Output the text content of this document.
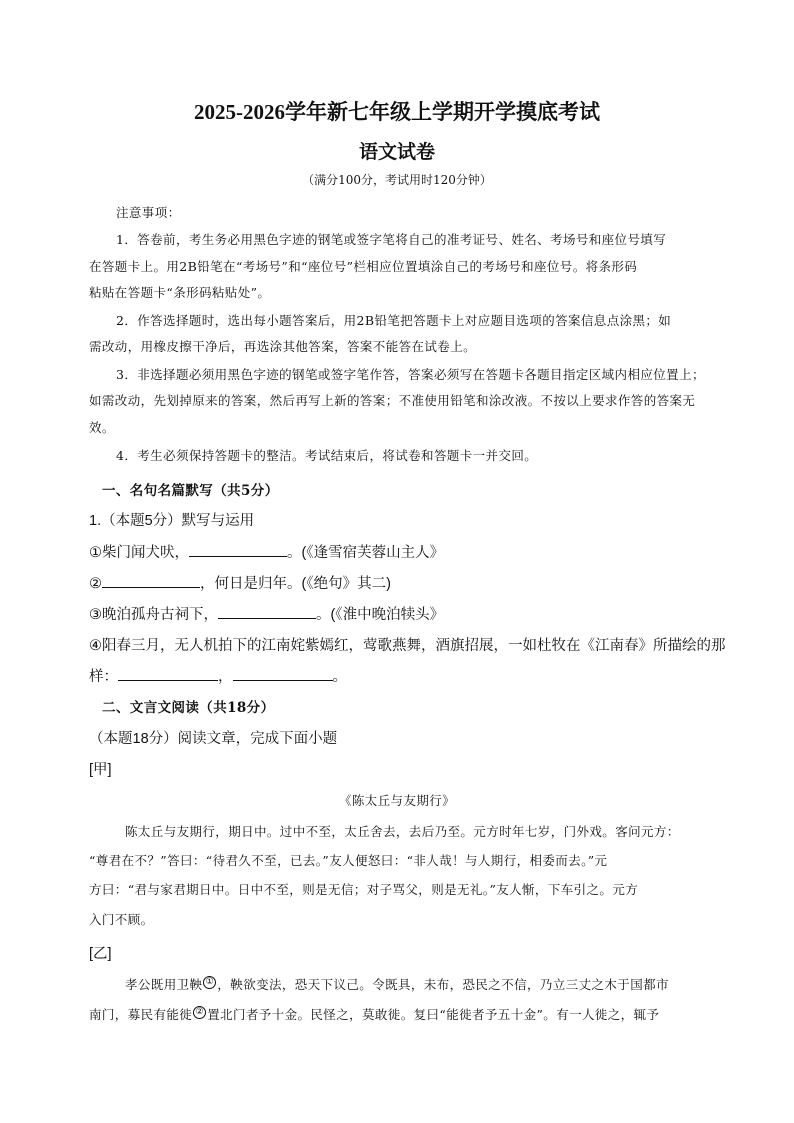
2025-2026学年新七年级上学期开学摸底考试
语文试卷
（满分100分，考试用时120分钟）
注意事项：
1．答卷前，考生务必用黑色字迹的钢笔或签字笔将自己的准考证号、姓名、考场号和座位号填写
在答题卡上。用2B铅笔在“考场号”和“座位号”栏相应位置填涂自己的考场号和座位号。将条形码
粘贴在答题卡“条形码粘贴处”。
2．作答选择题时，选出每小题答案后，用2B铅笔把答题卡上对应题目选项的答案信息点涂黑；如
需改动，用橡皮擦干净后，再选涂其他答案，答案不能答在试卷上。
3．非选择题必须用黑色字迹的钢笔或签字笔作答，答案必须写在答题卡各题目指定区域内相应位置上；
如需改动，先划掉原来的答案，然后再写上新的答案；不准使用铅笔和涂改液。不按以上要求作答的答案无
效。
4．考生必须保持答题卡的整洁。考试结束后，将试卷和答题卡一并交回。
一、名句名篇默写（共5分）
1.（本题5分）默写与运用
①柴门闻犬吠，	。(《逢雪宿芙蓉山主人》
②	，何日是归年。(《绝句》其二)
③晚泊孤舟古祠下，	。(《淮中晚泊犊头》
④阳春三月，无人机拍下的江南姹紫嫣红，莺歌燕舞，酒旗招展，一如杜牧在《江南春》所描绘的那
样：	，	。
二、文言文阅读（共18分）
（本题18分）阅读文章，完成下面小题
[甲]
《陈太丘与友期行》
陈太丘与友期行，期日中。过中不至，太丘舍去，去后乃至。元方时年七岁，门外戏。客问元方：
“尊君在不？”答曰：“待君久不至，已去。”友人便怒曰：“非人哉！与人期行，相委而去。”元
方曰：“君与家君期日中。日中不至，则是无信；对子骂父，则是无礼。”友人惭，下车引之。元方
入门不顾。
[乙]
孝公既用卫鞅 ① ，鞅欲变法，恐天下议己。令既具，未布，恐民之不信，乃立三丈之木于国都市
南门，募民有能徙 ② 置北门者予十金。民怪之，莫敢徙。复曰“能徙者予五十金”。有一人徙之，辄予
